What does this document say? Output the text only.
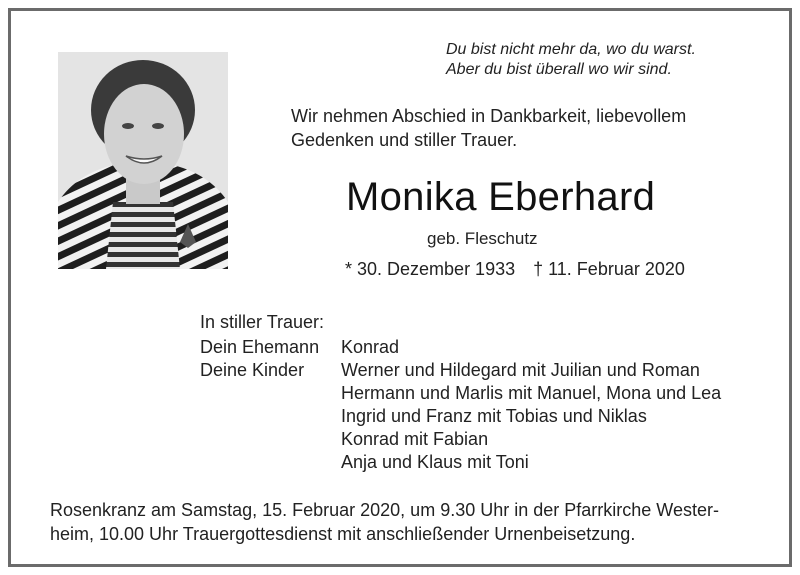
Du bist nicht mehr da, wo du warst.
Aber du bist überall wo wir sind.
Wir nehmen Abschied in Dankbarkeit, liebevollem
Gedenken und stiller Trauer.
Monika Eberhard
geb. Fleschutz
* 30. Dezember 1933 † 11. Februar 2020
In stiller Trauer:
Dein Ehemann	Konrad
Deine Kinder	Werner und Hildegard mit Juilian und Roman
Hermann und Marlis mit Manuel, Mona und Lea
Ingrid und Franz mit Tobias und Niklas
Konrad mit Fabian
Anja und Klaus mit Toni
Rosenkranz am Samstag, 15. Februar 2020, um 9.30 Uhr in der Pfarrkirche Wester-
heim, 10.00 Uhr Trauergottesdienst mit anschließender Urnenbeisetzung.
